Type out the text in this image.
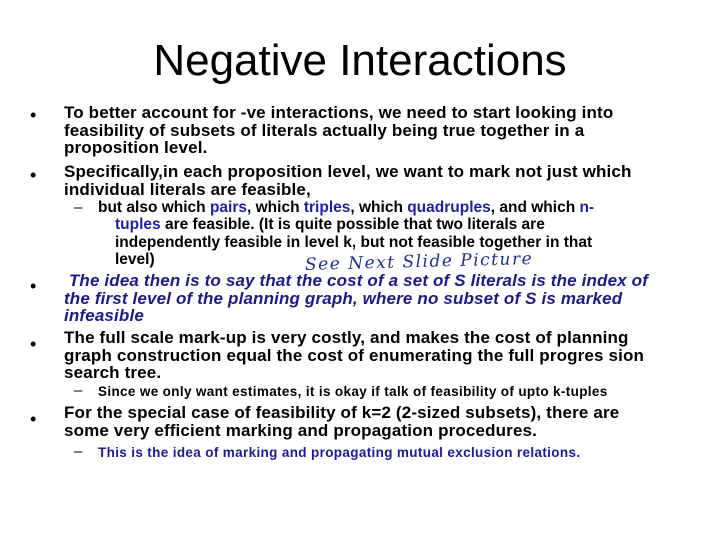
Negative Interactions
• To better account for -ve interactions, we need to start looking into
feasibility of subsets of literals actually being true together in a
proposition level.
• Specifically,in each proposition level, we want to mark not just which
individual literals are feasible,
– but also which pairs, which triples, which quadruples, and which n-
tuples are feasible. (It is quite possible that two literals are
independently feasible in level k, but not feasible together in that
level)	See Next Slide Picture
• The idea then is to say that the cost of a set of S literals is the index of
the first level of the planning graph, where no subset of S is marked
infeasible
• The full scale mark-up is very costly, and makes the cost of planning
graph construction equal the cost of enumerating the full progres sion
search tree.
– Since we only want estimates, it is okay if talk of feasibility of upto k-tuples
• For the special case of feasibility of k=2 (2-sized subsets), there are
some very efficient marking and propagation procedures.
– This is the idea of marking and propagating mutual exclusion relations.
